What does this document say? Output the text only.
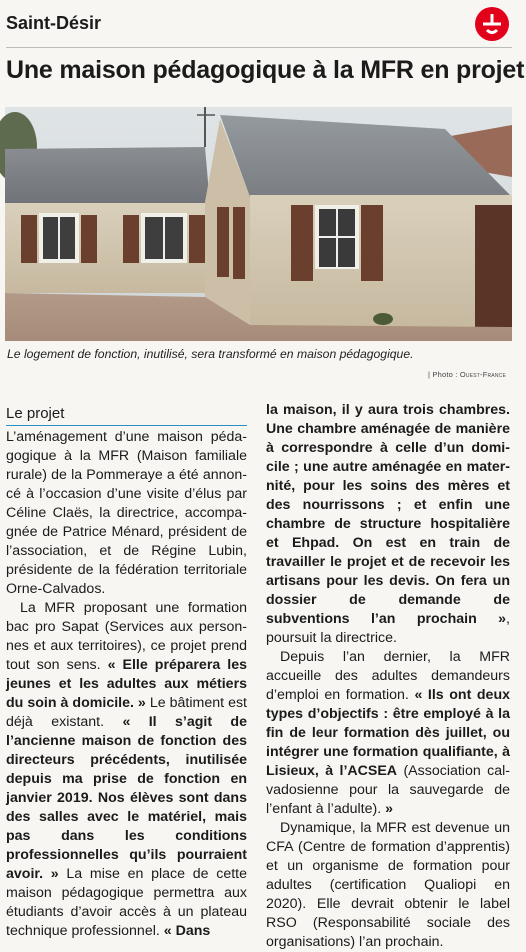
Saint-Désir
Une maison pédagogique à la MFR en projet
Le logement de fonction, inutilisé, sera transformé en maison pédagogique.
| Photo : Ouest-France
Le projet

L’aménagement d’une maison pédagogique à la MFR (Maison familiale rurale) de la Pommeraye a été annoncé à l’occasion d’une visite d’élus par Céline Claës, la directrice, accompagnée de Patrice Ménard, président de l’association, et de Régine Lubin, présidente de la fédération territoriale Orne-Calvados.

La MFR proposant une formation bac pro Sapat (Services aux personnes et aux territoires), ce projet prend tout son sens. « Elle préparera les jeunes et les adultes aux métiers du soin à domicile. » Le bâtiment est déjà existant. « Il s’agit de l’ancienne maison de fonction des directeurs précédents, inutilisée depuis ma prise de fonction en janvier 2019. Nos élèves sont dans des salles avec le matériel, mais pas dans les conditions professionnelles qu’ils pourraient avoir. » La mise en place de cette maison pédagogique permettra aux étudiants d’avoir accès à un plateau technique professionnel. « Dans

la maison, il y aura trois chambres. Une chambre aménagée de manière à correspondre à celle d’un domicile ; une autre aménagée en maternité, pour les soins des mères et des nourrissons ; et enfin une chambre de structure hospitalière et Ehpad. On est en train de travailler le projet et de recevoir les artisans pour les devis. On fera un dossier de demande de subventions l’an prochain », poursuit la directrice.

Depuis l’an dernier, la MFR accueille des adultes demandeurs d’emploi en formation. « Ils ont deux types d’objectifs : être employé à la fin de leur formation dès juillet, ou intégrer une formation qualifiante, à Lisieux, à l’ACSEA (Association calvadosienne pour la sauvegarde de l’enfant à l’adulte). »

Dynamique, la MFR est devenue un CFA (Centre de formation d’apprentis) et un organisme de formation pour adultes (certification Qualiopi en 2020). Elle devrait obtenir le label RSO (Responsabilité sociale des organisations) l’an prochain.
